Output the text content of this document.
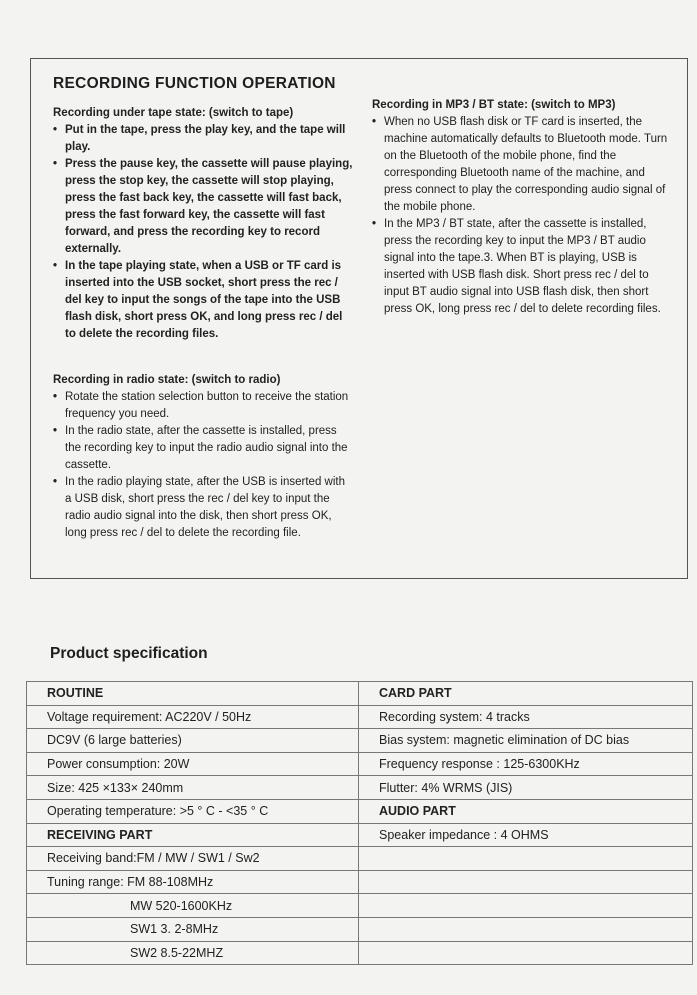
RECORDING FUNCTION OPERATION

Recording under tape state: (switch to tape)

• Put in the tape, press the play key, and the tape will play.
• Press the pause key, the cassette will pause playing, press the stop key, the cassette will stop playing, press the fast back key, the cassette will fast back, press the fast forward key, the cassette will fast forward, and press the recording key to record externally.
• In the tape playing state, when a USB or TF card is inserted into the USB socket, short press the rec / del key to input the songs of the tape into the USB flash disk, short press OK, and long press rec / del to delete the recording files.

Recording in radio state: (switch to radio)

• Rotate the station selection button to receive the station frequency you need.
• In the radio state, after the cassette is installed, press the recording key to input the radio audio signal into the cassette.
• In the radio playing state, after the USB is inserted with a USB disk, short press the rec / del key to input the radio audio signal into the disk, then short press OK, long press rec / del to delete the recording file.

Recording in MP3 / BT state: (switch to MP3)

• When no USB flash disk or TF card is inserted, the machine automatically defaults to Bluetooth mode. Turn on the Bluetooth of the mobile phone, find the corresponding Bluetooth name of the machine, and press connect to play the corresponding audio signal of the mobile phone.
• In the MP3 / BT state, after the cassette is installed, press the recording key to input the MP3 / BT audio signal into the tape.3. When BT is playing, USB is inserted with USB flash disk. Short press rec / del to input BT audio signal into USB flash disk, then short press OK, long press rec / del to delete recording files.
Product specification
ROUTINE	CARD PART
Voltage requirement: AC220V / 50Hz	Recording system: 4 tracks
DC9V (6 large batteries)	Bias system: magnetic elimination of DC bias
Power consumption: 20W	Frequency response : 125-6300KHz
Size: 425 ×133× 240mm	Flutter: 4% WRMS (JIS)
Operating temperature: >5 ° C - <35 ° C	AUDIO PART
RECEIVING PART	Speaker impedance : 4 OHMS
Receiving band:FM / MW / SW1 / Sw2	
Tuning range: FM 88-108MHz	
MW 520-1600KHz	
SW1 3. 2-8MHz	
SW2 8.5-22MHZ	
